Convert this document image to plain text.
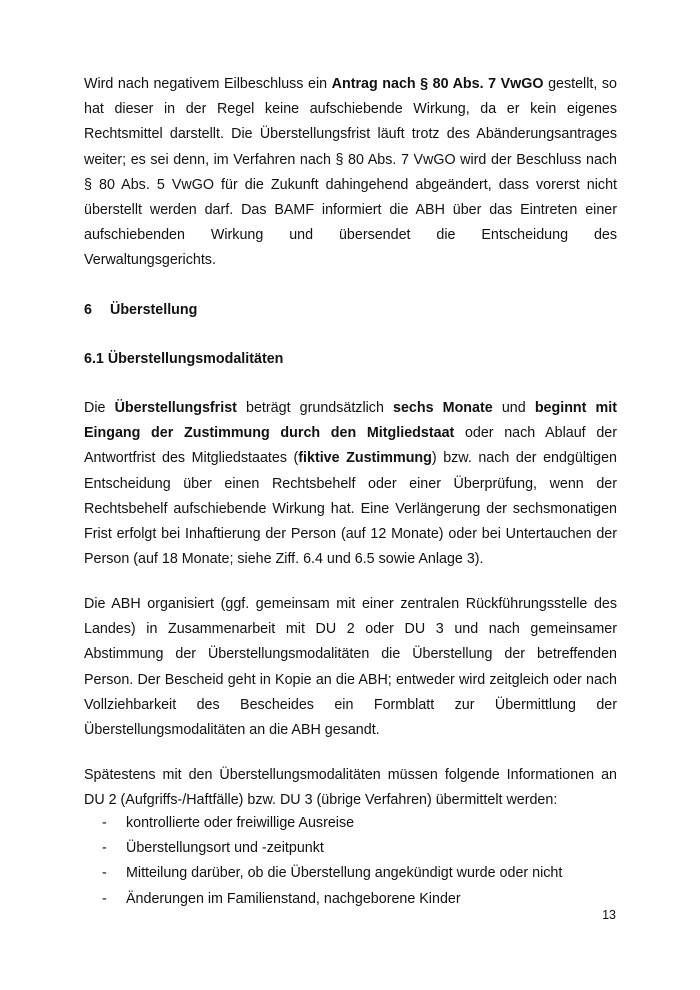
Wird nach negativem Eilbeschluss ein Antrag nach § 80 Abs. 7 VwGO gestellt, so hat dieser in der Regel keine aufschiebende Wirkung, da er kein eigenes Rechtsmittel darstellt. Die Überstellungsfrist läuft trotz des Abänderungsantrages weiter; es sei denn, im Verfahren nach § 80 Abs. 7 VwGO wird der Beschluss nach § 80 Abs. 5 VwGO für die Zukunft dahingehend abgeändert, dass vorerst nicht überstellt werden darf. Das BAMF informiert die ABH über das Eintreten einer aufschiebenden Wirkung und übersendet die Entscheidung des Verwaltungsgerichts.

6 Überstellung
6.1 Überstellungsmodalitäten

Die Überstellungsfrist beträgt grundsätzlich sechs Monate und beginnt mit Eingang der Zustimmung durch den Mitgliedstaat oder nach Ablauf der Antwortfrist des Mitgliedstaates (fiktive Zustimmung) bzw. nach der endgültigen Entscheidung über einen Rechtsbehelf oder einer Überprüfung, wenn der Rechtsbehelf aufschiebende Wirkung hat. Eine Verlängerung der sechsmonatigen Frist erfolgt bei Inhaftierung der Person (auf 12 Monate) oder bei Untertauchen der Person (auf 18 Monate; siehe Ziff. 6.4 und 6.5 sowie Anlage 3).

Die ABH organisiert (ggf. gemeinsam mit einer zentralen Rückführungsstelle des Landes) in Zusammenarbeit mit DU 2 oder DU 3 und nach gemeinsamer Abstimmung der Überstellungsmodalitäten die Überstellung der betreffenden Person. Der Bescheid geht in Kopie an die ABH; entweder wird zeitgleich oder nach Vollziehbarkeit des Bescheides ein Formblatt zur Übermittlung der Überstellungsmodalitäten an die ABH gesandt.

Spätestens mit den Überstellungsmodalitäten müssen folgende Informationen an DU 2 (Aufgriffs-/Haftfälle) bzw. DU 3 (übrige Verfahren) übermittelt werden:

- kontrollierte oder freiwillige Ausreise
- Überstellungsort und -zeitpunkt
- Mitteilung darüber, ob die Überstellung angekündigt wurde oder nicht
- Änderungen im Familienstand, nachgeborene Kinder
13
